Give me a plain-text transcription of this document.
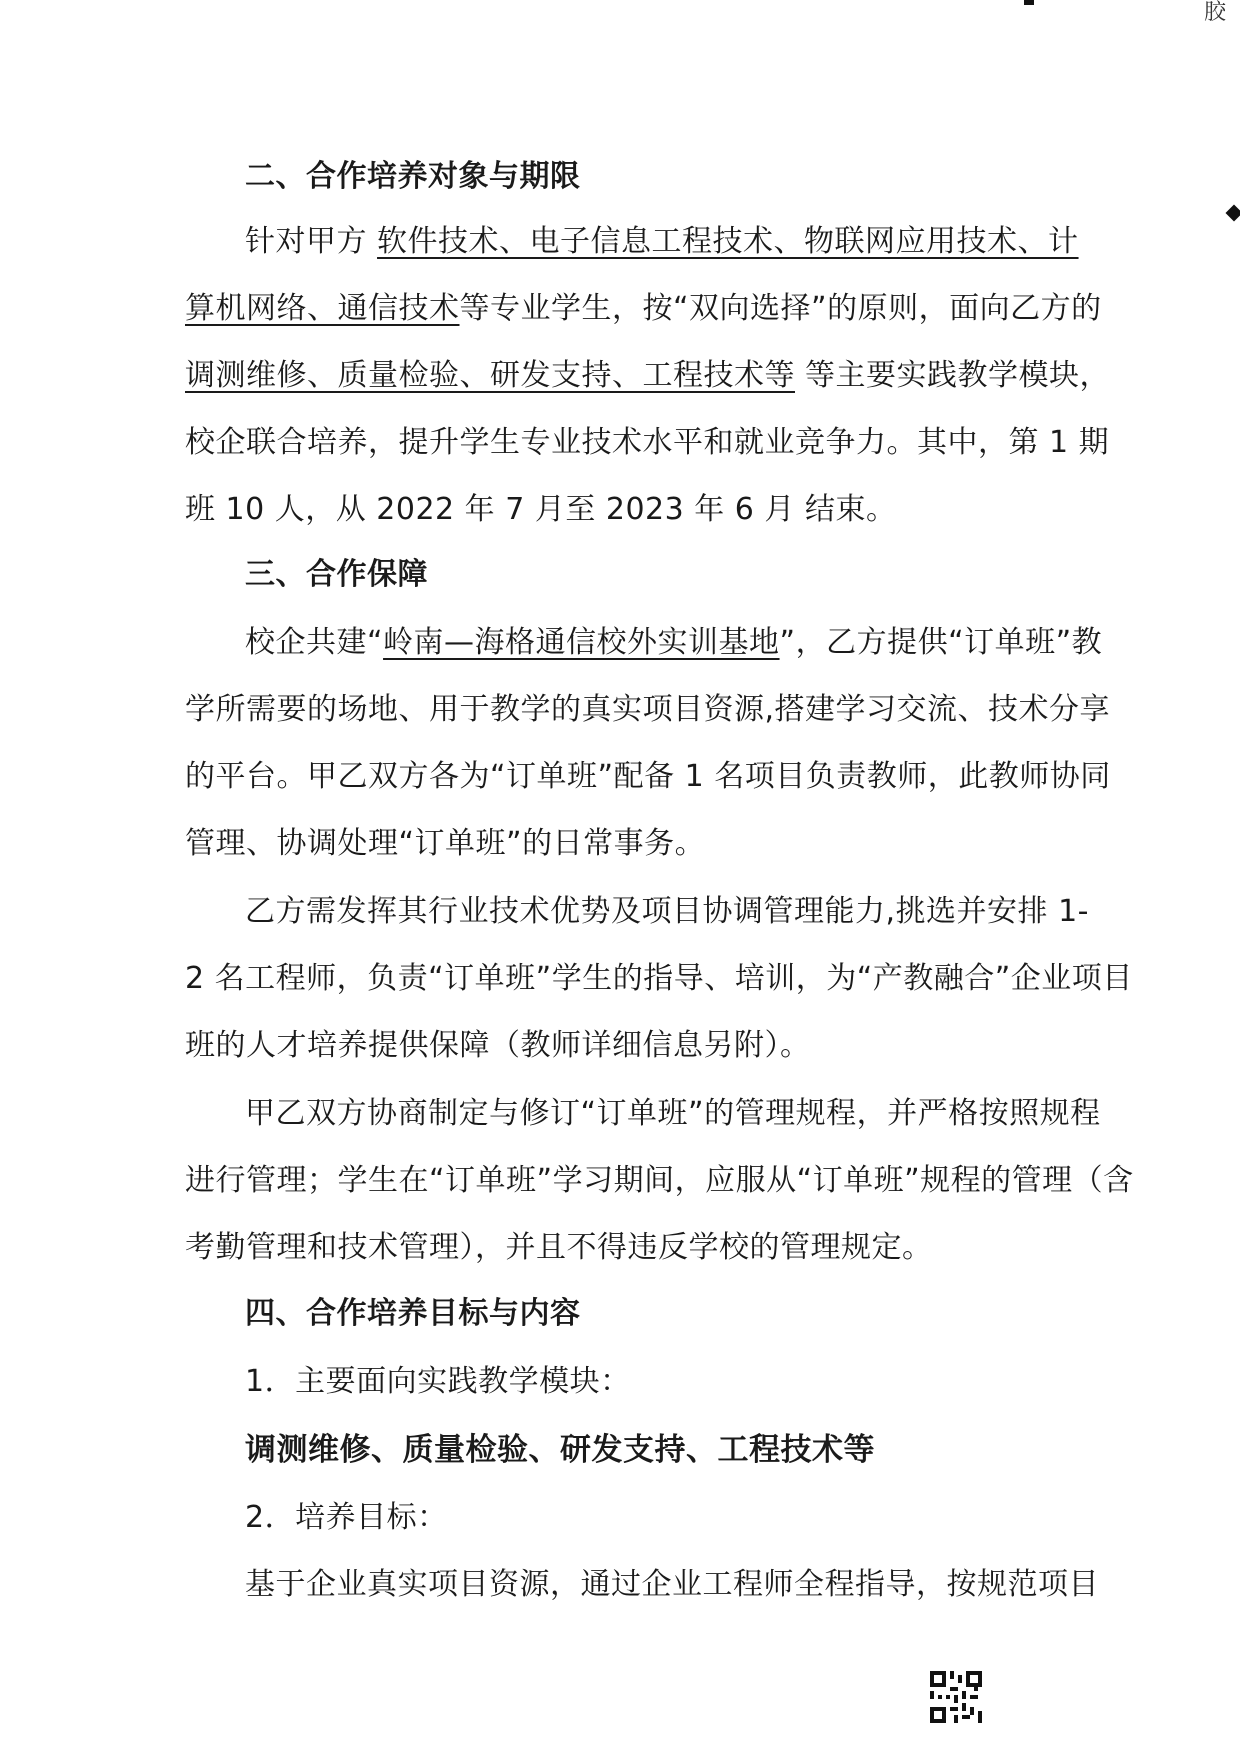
胶
二、合作培养对象与期限
针对甲方 软件技术、电子信息工程技术、物联网应用技术、计
算机网络、通信技术等专业学生，按“双向选择”的原则，面向乙方的
调测维修、质量检验、研发支持、工程技术等 等主要实践教学模块，
校企联合培养，提升学生专业技术水平和就业竞争力。其中，第 1 期
班 10 人，从 2022 年 7 月至 2023 年 6 月 结束。
三、合作保障
校企共建“岭南—海格通信校外实训基地”，乙方提供“订单班”教
学所需要的场地、用于教学的真实项目资源,搭建学习交流、技术分享
的平台。甲乙双方各为“订单班”配备 1 名项目负责教师，此教师协同
管理、协调处理“订单班”的日常事务。
乙方需发挥其行业技术优势及项目协调管理能力,挑选并安排 1-
2 名工程师，负责“订单班”学生的指导、培训，为“产教融合”企业项目
班的人才培养提供保障（教师详细信息另附）。
甲乙双方协商制定与修订“订单班”的管理规程，并严格按照规程
进行管理；学生在“订单班”学习期间，应服从“订单班”规程的管理（含
考勤管理和技术管理），并且不得违反学校的管理规定。
四、合作培养目标与内容
1．主要面向实践教学模块：
调测维修、质量检验、研发支持、工程技术等
2．培养目标：
基于企业真实项目资源，通过企业工程师全程指导，按规范项目
